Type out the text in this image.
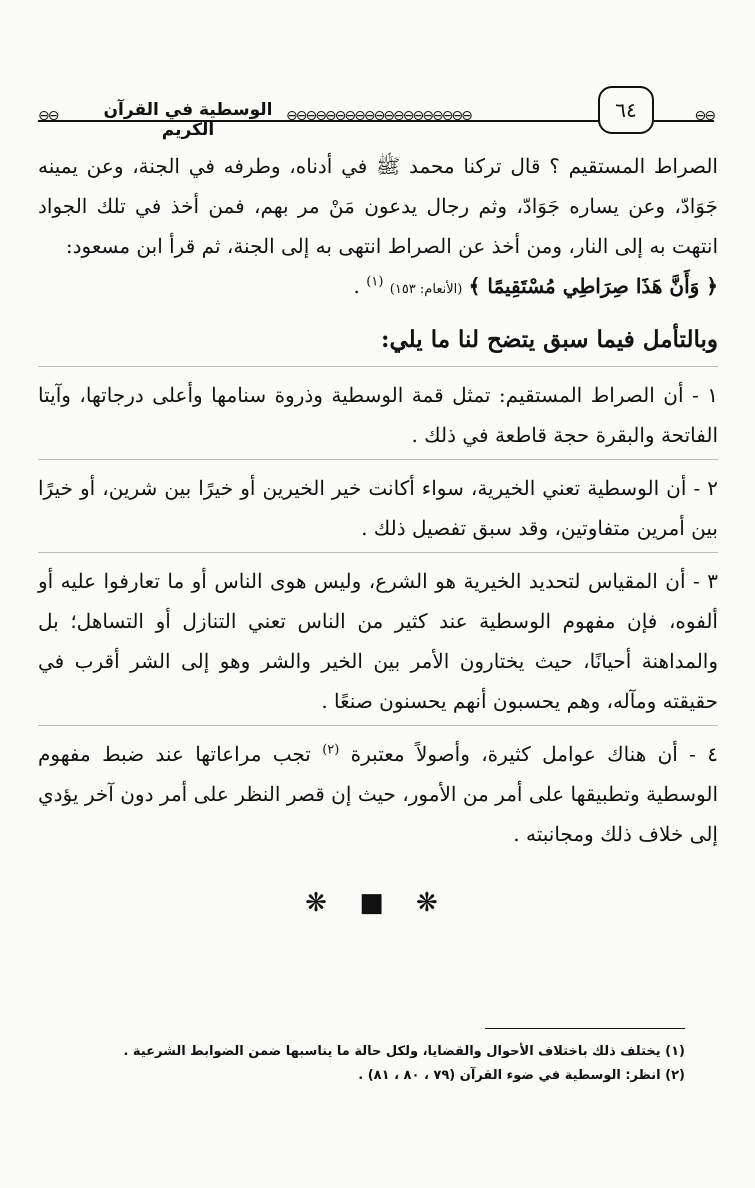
⊖⊖	الوسطية في القرآن الكريم
⊖⊖⊖⊖⊖⊖⊖⊖⊖⊖⊖⊖⊖⊖⊖⊖⊖⊖⊖	٦٤	⊖⊖

الصراط المستقيم ؟ قال تركنا محمد ﷺ في أدناه، وطرفه في الجنة، وعن يمينه جَوَادّ، وعن يساره جَوَادّ، وثم رجال يدعون مَنْ مر بهم، فمن أخذ في تلك الجواد انتهت به إلى النار، ومن أخذ عن الصراط انتهى به إلى الجنة، ثم قرأ ابن مسعود:
﴿ وَأَنَّ هَذَا صِرَاطِي مُسْتَقِيمًا ﴾ (الأنعام: ١٥٣) $^{(١)}$ .

وبالتأمل فيما سبق يتضح لنا ما يلي:

١ - أن الصراط المستقيم: تمثل قمة الوسطية وذروة سنامها وأعلى درجاتها، وآيتا الفاتحة والبقرة حجة قاطعة في ذلك .

٢ - أن الوسطية تعني الخيرية، سواء أكانت خير الخيرين أو خيرًا بين شرين، أو خيرًا بين أمرين متفاوتين، وقد سبق تفصيل ذلك .

٣ - أن المقياس لتحديد الخيرية هو الشرع، وليس هوى الناس أو ما تعارفوا عليه أو ألفوه، فإن مفهوم الوسطية عند كثير من الناس تعني التنازل أو التساهل؛ بل والمداهنة أحيانًا، حيث يختارون الأمر بين الخير والشر وهو إلى الشر أقرب في حقيقته ومآله، وهم يحسبون أنهم يحسنون صنعًا .

٤ - أن هناك عوامل كثيرة، وأصولاً معتبرة $^{(٢)}$ تجب مراعاتها عند ضبط مفهوم الوسطية وتطبيقها على أمر من الأمور، حيث إن قصر النظر على أمر دون آخر يؤدي إلى خلاف ذلك ومجانبته .

❋ ■ ❋

(١) يختلف ذلك باختلاف الأحوال والقضايا، ولكل حالة ما يناسبها ضمن الضوابط الشرعية .

(٢) انظر: الوسطية في ضوء القرآن (٧٩ ، ٨٠ ، ٨١) .
